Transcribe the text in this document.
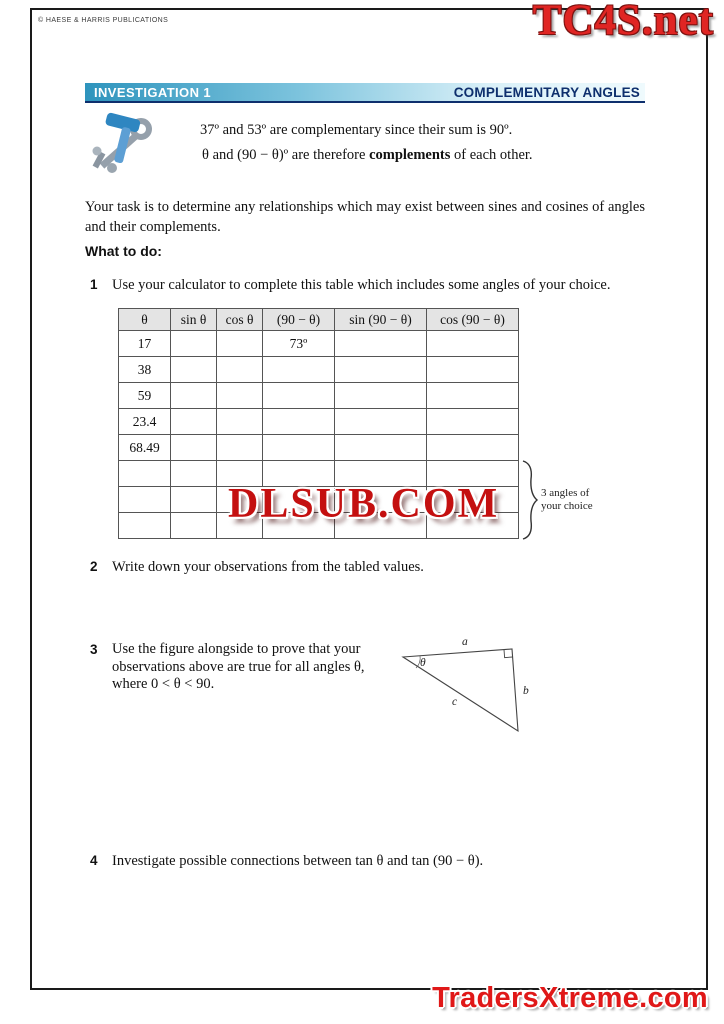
© HAESE & HARRIS PUBLICATIONS	TC4S.net
INVESTIGATION 1	COMPLEMENTARY ANGLES
37º and 53º are complementary since their sum is 90º.
θ and (90 − θ)º are therefore complements of each other.
Your task is to determine any relationships which may exist between sines and cosines of angles and their complements.
What to do:
1 Use your calculator to complete this table which includes some angles of your choice.
θ	sin θ	cos θ	(90 − θ)	sin (90 − θ)	cos (90 − θ)
17			73º		
38					
59					
23.4					
68.49					

3 angles of
your choice
DLSUB.COM
2 Write down your observations from the tabled values.
3 Use the figure alongside to prove that your observations above are true for all angles θ, where 0 < θ < 90.
a
b
c
θ
4 Investigate possible connections between tan θ and tan (90 − θ).
TradersXtreme.com
